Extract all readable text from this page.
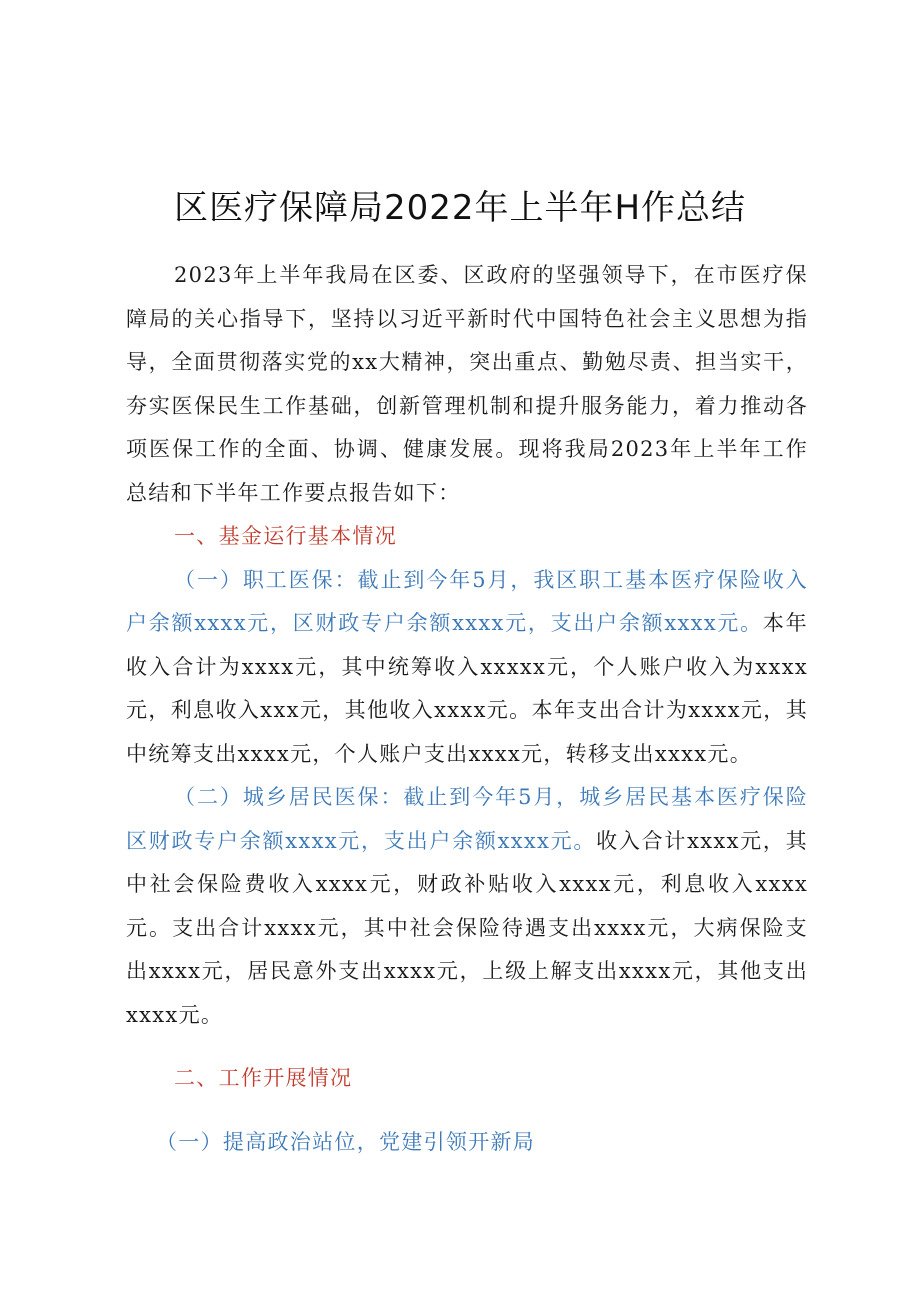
区医疗保障局2022年上半年H作总结

2023年上半年我局在区委、区政府的坚强领导下，在市医疗保障局的关心指导下，坚持以习近平新时代中国特色社会主义思想为指导，全面贯彻落实党的xx大精神，突出重点、勤勉尽责、担当实干，夯实医保民生工作基础，创新管理机制和提升服务能力，着力推动各项医保工作的全面、协调、健康发展。现将我局2023年上半年工作总结和下半年工作要点报告如下：

一、基金运行基本情况

（一）职工医保：截止到今年5月，我区职工基本医疗保险收入户余额xxxx元，区财政专户余额xxxx元，支出户余额xxxx元。本年收入合计为xxxx元，其中统筹收入xxxxx元，个人账户收入为xxxx元，利息收入xxx元，其他收入xxxx元。本年支出合计为xxxx元，其中统筹支出xxxx元，个人账户支出xxxx元，转移支出xxxx元。

（二）城乡居民医保：截止到今年5月，城乡居民基本医疗保险区财政专户余额xxxx元，支出户余额xxxx元。收入合计xxxx元，其中社会保险费收入xxxx元，财政补贴收入xxxx元，利息收入xxxx元。支出合计xxxx元，其中社会保险待遇支出xxxx元，大病保险支出xxxx元，居民意外支出xxxx元，上级上解支出xxxx元，其他支出xxxx元。

二、工作开展情况

（一）提高政治站位，党建引领开新局
